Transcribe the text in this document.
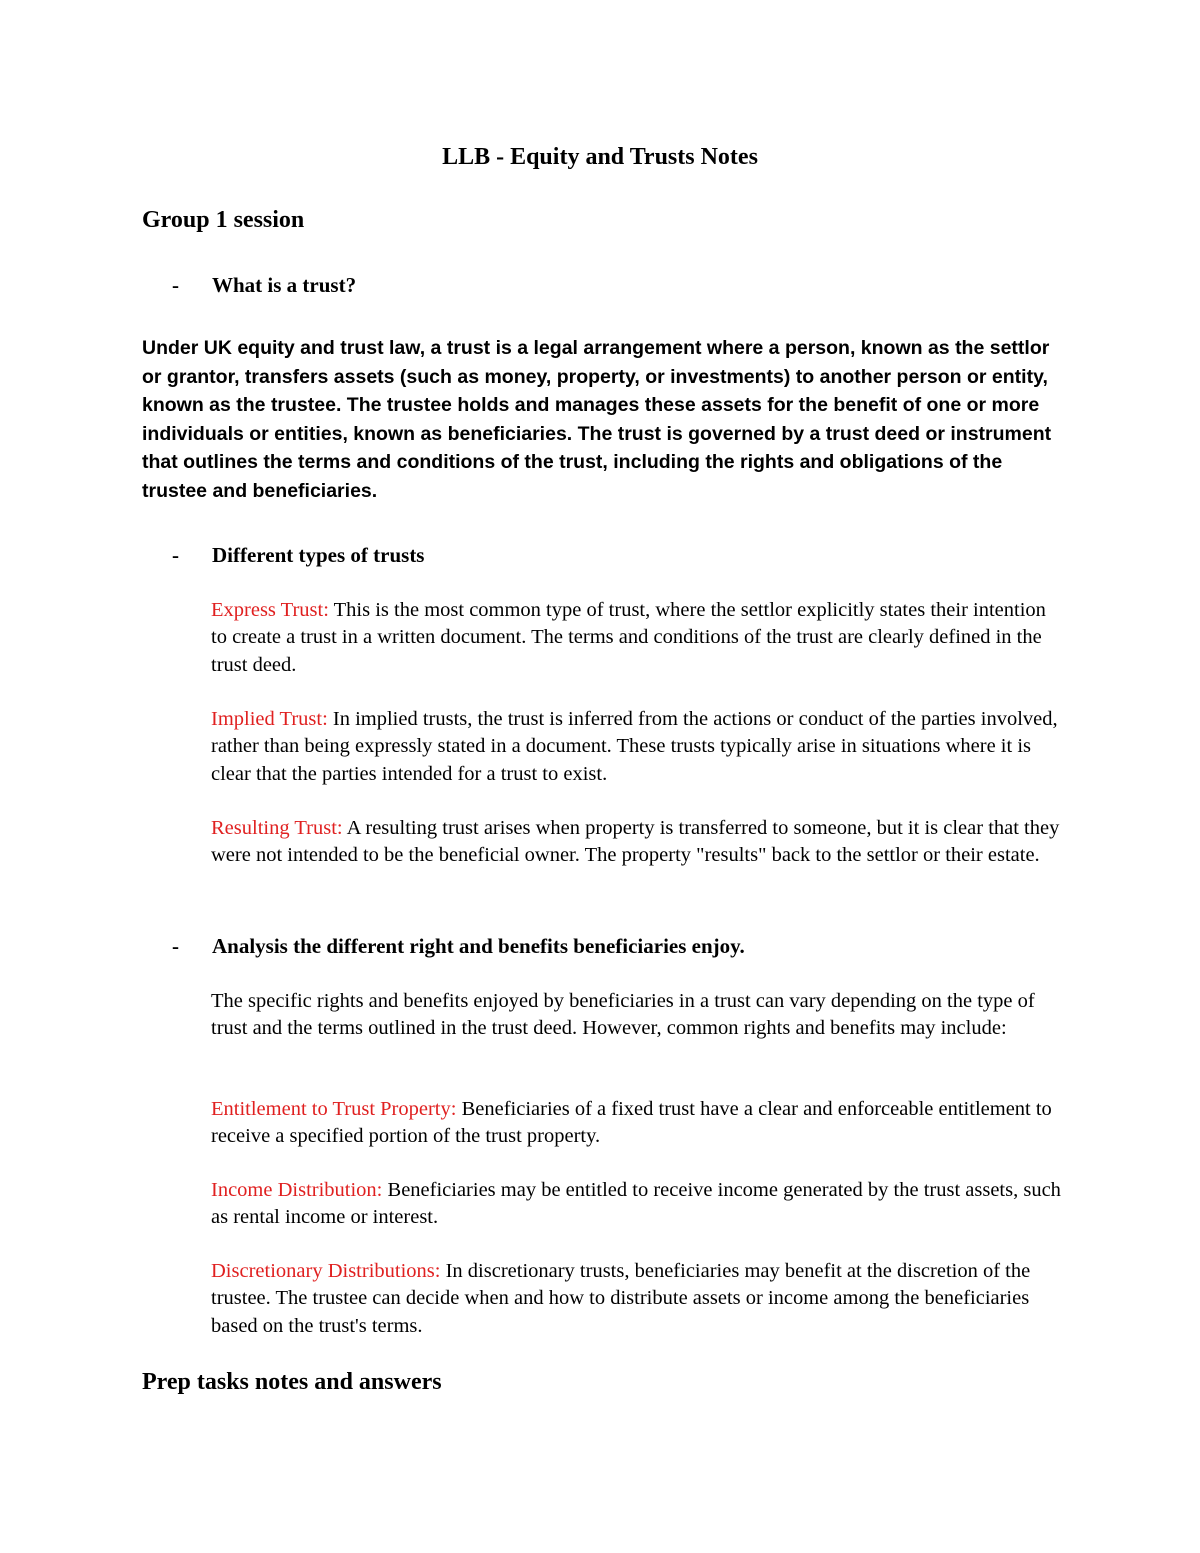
LLB - Equity and Trusts Notes
Group 1 session
- What is a trust?
Under UK equity and trust law, a trust is a legal arrangement where a person, known as the settlor or grantor, transfers assets (such as money, property, or investments) to another person or entity, known as the trustee. The trustee holds and manages these assets for the benefit of one or more individuals or entities, known as beneficiaries. The trust is governed by a trust deed or instrument that outlines the terms and conditions of the trust, including the rights and obligations of the trustee and beneficiaries.
- Different types of trusts
Express Trust: This is the most common type of trust, where the settlor explicitly states their intention to create a trust in a written document. The terms and conditions of the trust are clearly defined in the trust deed.
Implied Trust: In implied trusts, the trust is inferred from the actions or conduct of the parties involved, rather than being expressly stated in a document. These trusts typically arise in situations where it is clear that the parties intended for a trust to exist.
Resulting Trust: A resulting trust arises when property is transferred to someone, but it is clear that they were not intended to be the beneficial owner. The property "results" back to the settlor or their estate.
- Analysis the different right and benefits beneficiaries enjoy.
The specific rights and benefits enjoyed by beneficiaries in a trust can vary depending on the type of trust and the terms outlined in the trust deed. However, common rights and benefits may include:
Entitlement to Trust Property: Beneficiaries of a fixed trust have a clear and enforceable entitlement to receive a specified portion of the trust property.
Income Distribution: Beneficiaries may be entitled to receive income generated by the trust assets, such as rental income or interest.
Discretionary Distributions: In discretionary trusts, beneficiaries may benefit at the discretion of the trustee. The trustee can decide when and how to distribute assets or income among the beneficiaries based on the trust's terms.
Prep tasks notes and answers
